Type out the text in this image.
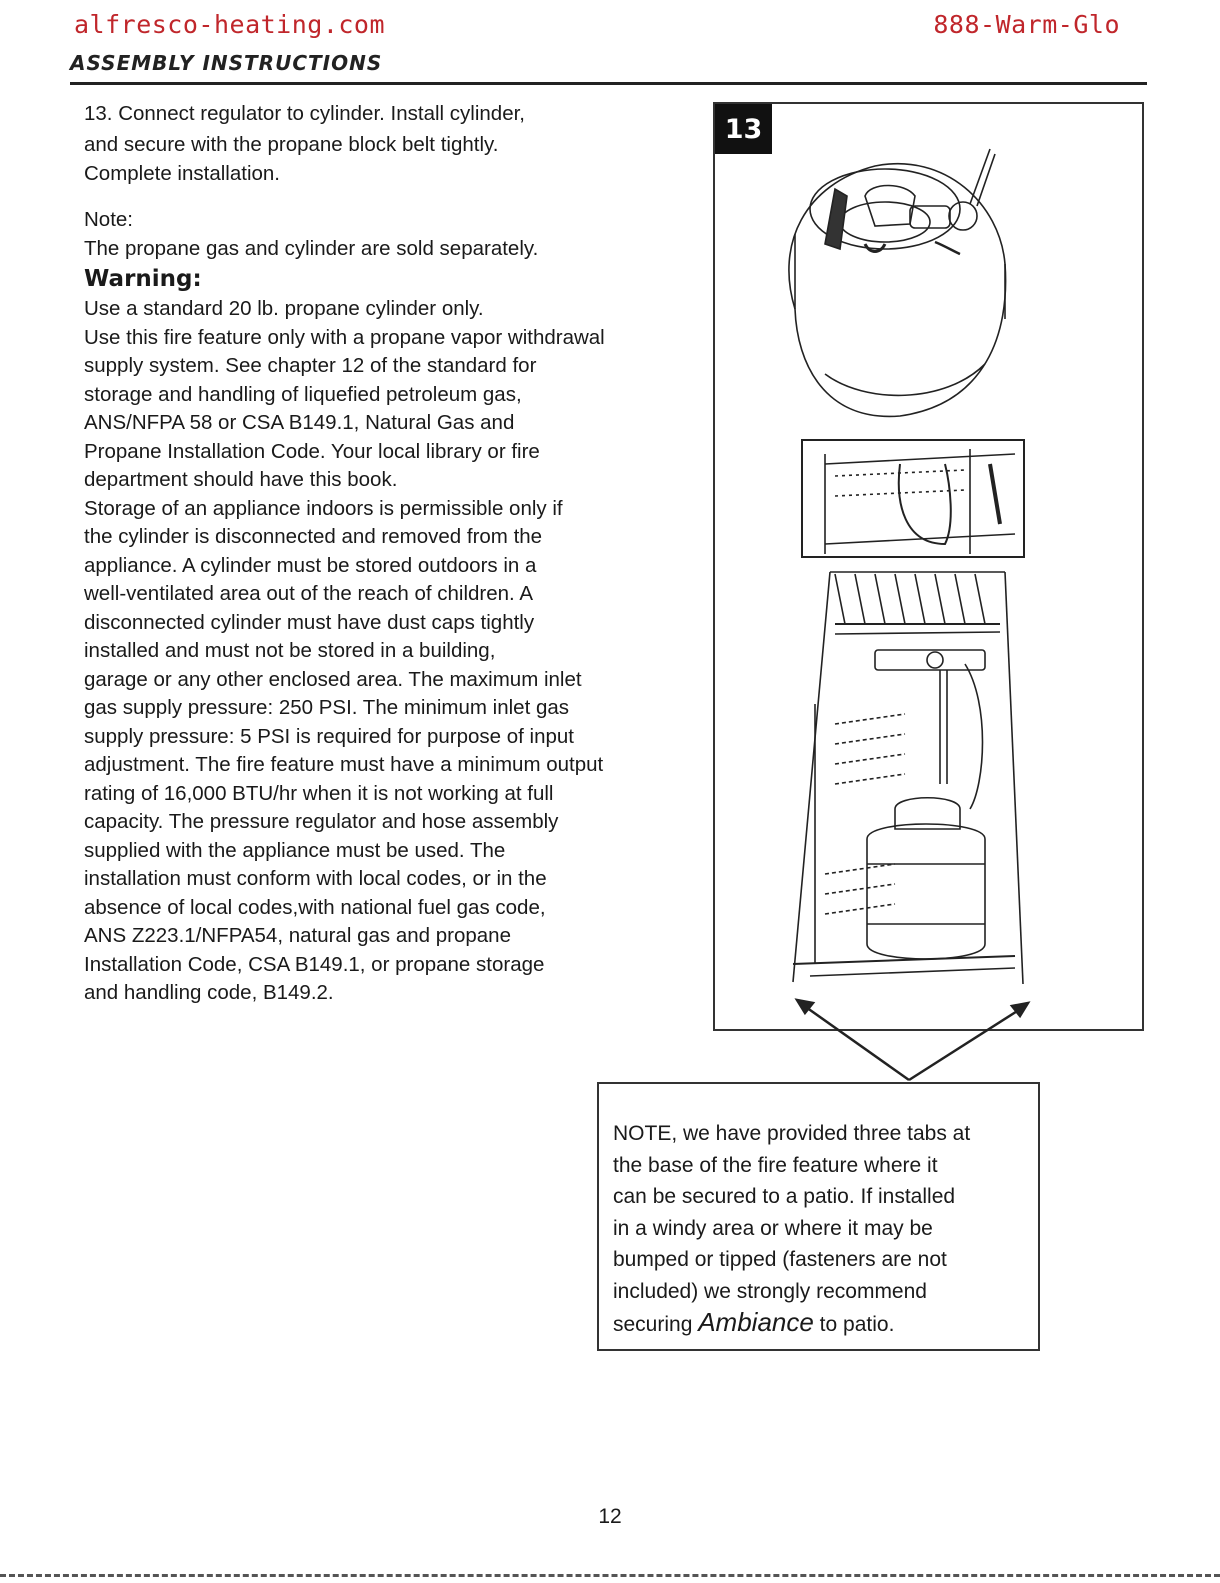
alfresco-heating.com	888-Warm-Glo
ASSEMBLY INSTRUCTIONS

13. Connect regulator to cylinder. Install cylinder,

and secure with the propane block belt tightly.

Complete installation.

Note:

The propane gas and cylinder are sold separately.

Warning:

Use a standard 20 lb. propane cylinder only.

Use this fire feature only with a propane vapor withdrawal

supply system. See chapter 12 of the standard for

storage and handling of liquefied petroleum gas,

ANS/NFPA 58 or CSA B149.1, Natural Gas and

Propane Installation Code. Your local library or fire

department should have this book.

Storage of an appliance indoors is permissible only if

the cylinder is disconnected and removed from the

appliance. A cylinder must be stored outdoors in a

well-ventilated area out of the reach of children. A

disconnected cylinder must have dust caps tightly

installed and must not be stored in a building,

garage or any other enclosed area. The maximum inlet

gas supply pressure: 250 PSI. The minimum inlet gas

supply pressure: 5 PSI is required for purpose of input

adjustment. The fire feature must have a minimum output

rating of 16,000 BTU/hr when it is not working at full

capacity. The pressure regulator and hose assembly

supplied with the appliance must be used. The

installation must conform with local codes, or in the

absence of local codes,with national fuel gas code,

ANS Z223.1/NFPA54, natural gas and propane

Installation Code, CSA B149.1, or propane storage

and handling code, B149.2.

13

NOTE, we have provided three tabs at

the base of the fire feature where it

can be secured to a patio. If installed

in a windy area or where it may be

bumped or tipped (fasteners are not

included) we strongly recommend

securing Ambiance to patio.

12
